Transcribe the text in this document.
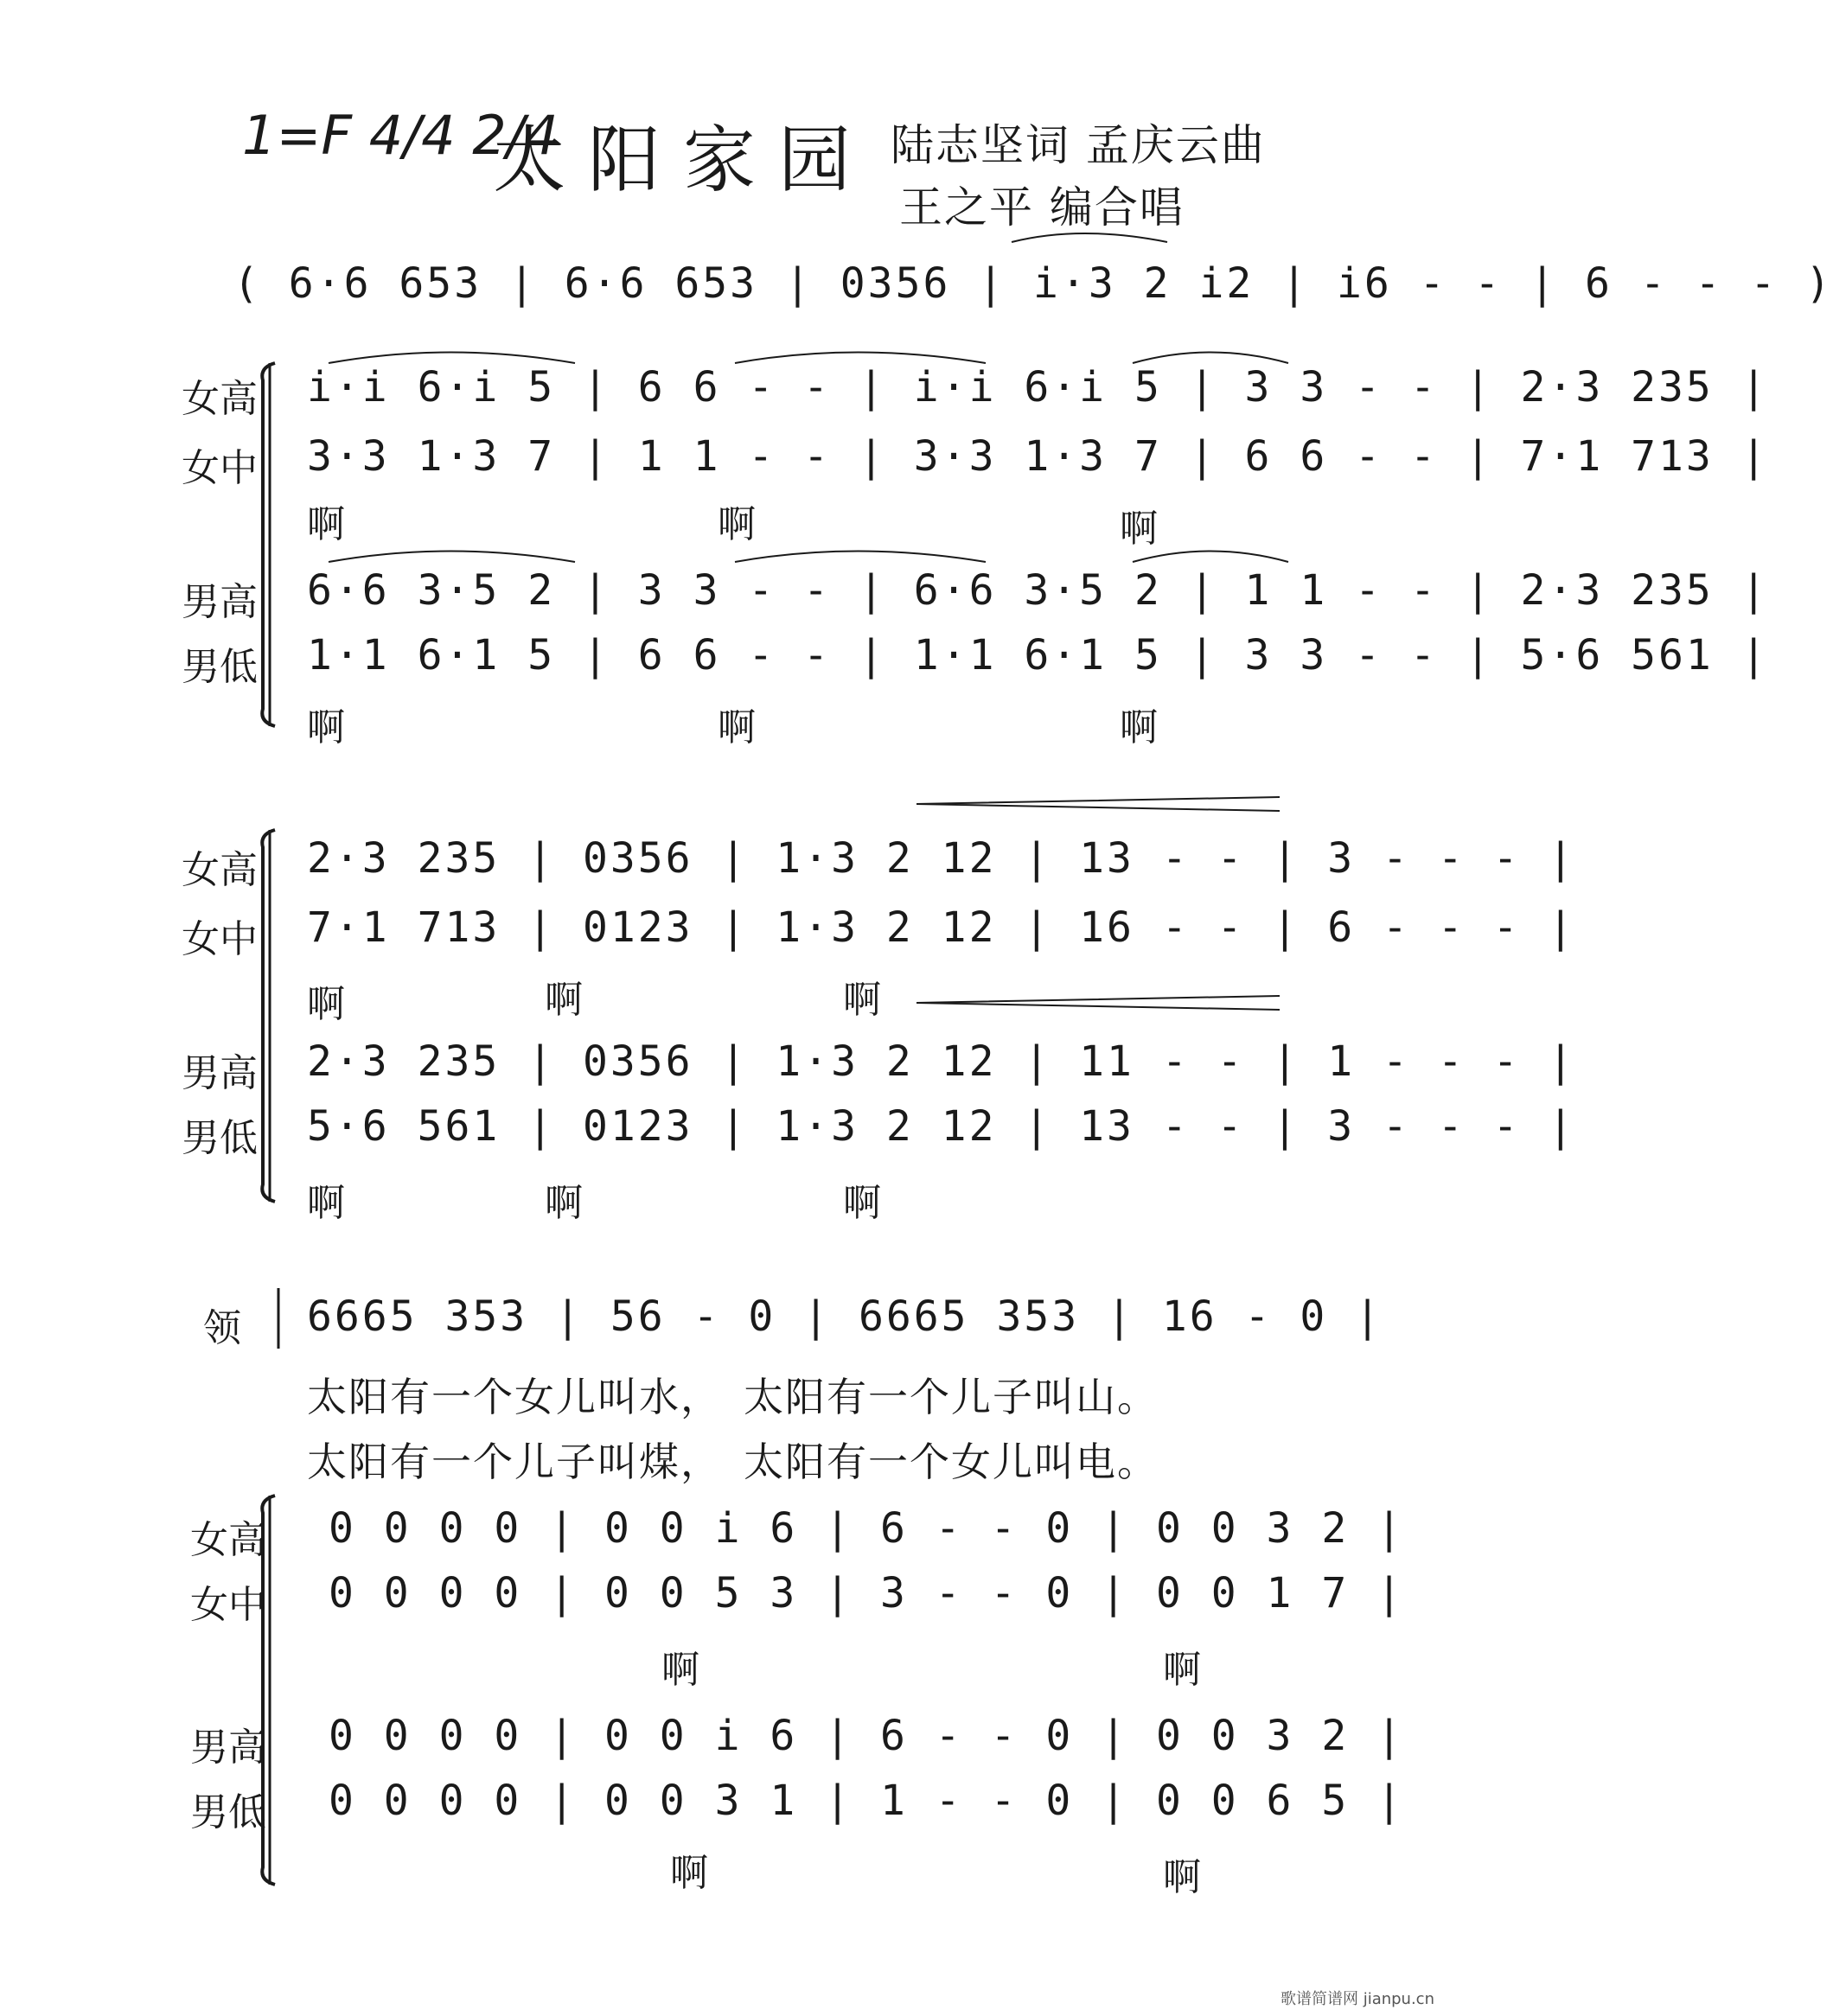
1=F 4/4 2/4
太阳家园 陆志坚词 孟庆云曲
王之平 编合唱
( 6·6 653 | 6·6 653 | 0356 | i·3 2 i2 | i6 - - | 6 - - - )
女高 i·i 6·i 5 | 6 6 - - | i·i 6·i 5 | 3 3 - - | 2·3 235 |
女中 3·3 1·3 7 | 1 1 - - | 3·3 1·3 7 | 6 6 - - | 7·1 713 |
啊	啊	啊
男高 6·6 3·5 2 | 3 3 - - | 6·6 3·5 2 | 1 1 - - | 2·3 235 |
男低 1·1 6·1 5 | 6 6 - - | 1·1 6·1 5 | 3 3 - - | 5·6 561 |
啊	啊	啊
女高 2·3 235 | 0356 | 1·3 2 12 | 13 - - | 3 - - - |
女中 7·1 713 | 0123 | 1·3 2 12 | 16 - - | 6 - - - |
啊	啊	啊
男高 2·3 235 | 0356 | 1·3 2 12 | 11 - - | 1 - - - |
男低 5·6 561 | 0123 | 1·3 2 12 | 13 - - | 3 - - - |
啊	啊	啊
领 6665 353 | 56 - 0 | 6665 353 | 16 - 0 |
太阳有一个女儿叫水，　太阳有一个儿子叫山。
太阳有一个儿子叫煤，　太阳有一个女儿叫电。
女高 0 0 0 0 | 0 0 i 6 | 6 - - 0 | 0 0 3 2 |
女中 0 0 0 0 | 0 0 5 3 | 3 - - 0 | 0 0 1 7 |
啊	啊
男高 0 0 0 0 | 0 0 i 6 | 6 - - 0 | 0 0 3 2 |
男低 0 0 0 0 | 0 0 3 1 | 1 - - 0 | 0 0 6 5 |
啊	啊
歌谱简谱网 jianpu.cn
